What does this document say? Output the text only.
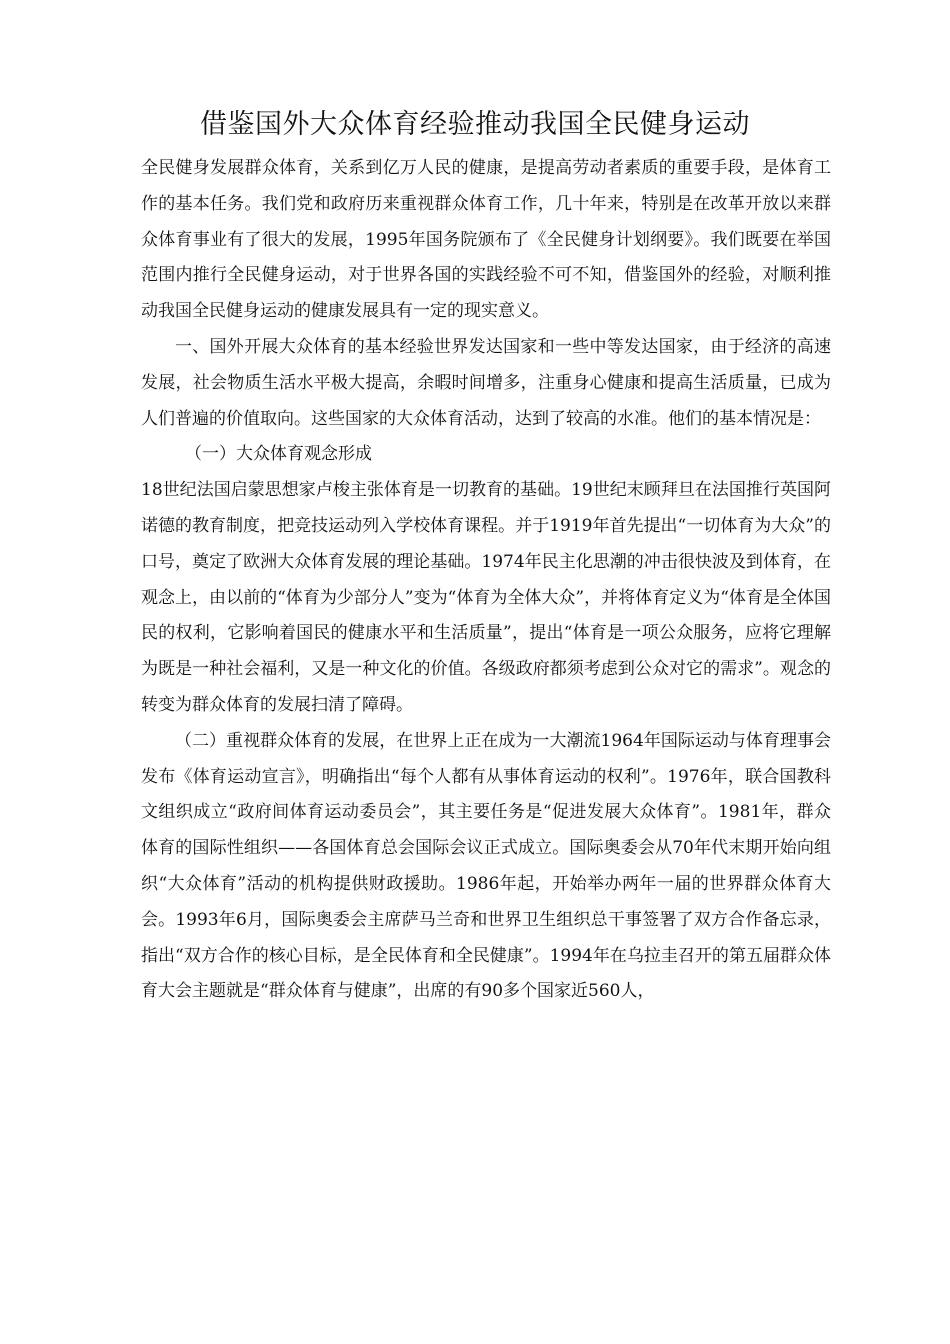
借鉴国外大众体育经验推动我国全民健身运动

全民健身发展群众体育，关系到亿万人民的健康，是提高劳动者素质的重要手段，是体育工作的基本任务。我们党和政府历来重视群众体育工作，几十年来，特别是在改革开放以来群众体育事业有了很大的发展，1995年国务院颁布了《全民健身计划纲要》。我们既要在举国范围内推行全民健身运动，对于世界各国的实践经验不可不知，借鉴国外的经验，对顺利推动我国全民健身运动的健康发展具有一定的现实意义。

一、国外开展大众体育的基本经验世界发达国家和一些中等发达国家，由于经济的高速发展，社会物质生活水平极大提高，余暇时间增多，注重身心健康和提高生活质量，已成为人们普遍的价值取向。这些国家的大众体育活动，达到了较高的水准。他们的基本情况是：

（一）大众体育观念形成

18世纪法国启蒙思想家卢梭主张体育是一切教育的基础。19世纪末顾拜旦在法国推行英国阿诺德的教育制度，把竞技运动列入学校体育课程。并于1919年首先提出“一切体育为大众”的口号，奠定了欧洲大众体育发展的理论基础。1974年民主化思潮的冲击很快波及到体育，在观念上，由以前的“体育为少部分人”变为“体育为全体大众”，并将体育定义为“体育是全体国民的权利，它影响着国民的健康水平和生活质量”，提出“体育是一项公众服务，应将它理解为既是一种社会福利，又是一种文化的价值。各级政府都须考虑到公众对它的需求”。观念的转变为群众体育的发展扫清了障碍。

（二）重视群众体育的发展，在世界上正在成为一大潮流1964年国际运动与体育理事会发布《体育运动宣言》，明确指出“每个人都有从事体育运动的权利”。1976年，联合国教科文组织成立“政府间体育运动委员会”，其主要任务是“促进发展大众体育”。1981年，群众体育的国际性组织——各国体育总会国际会议正式成立。国际奥委会从70年代末期开始向组织“大众体育”活动的机构提供财政援助。1986年起，开始举办两年一届的世界群众体育大会。1993年6月，国际奥委会主席萨马兰奇和世界卫生组织总干事签署了双方合作备忘录，指出“双方合作的核心目标，是全民体育和全民健康”。1994年在乌拉圭召开的第五届群众体育大会主题就是“群众体育与健康”，出席的有90多个国家近560人，
